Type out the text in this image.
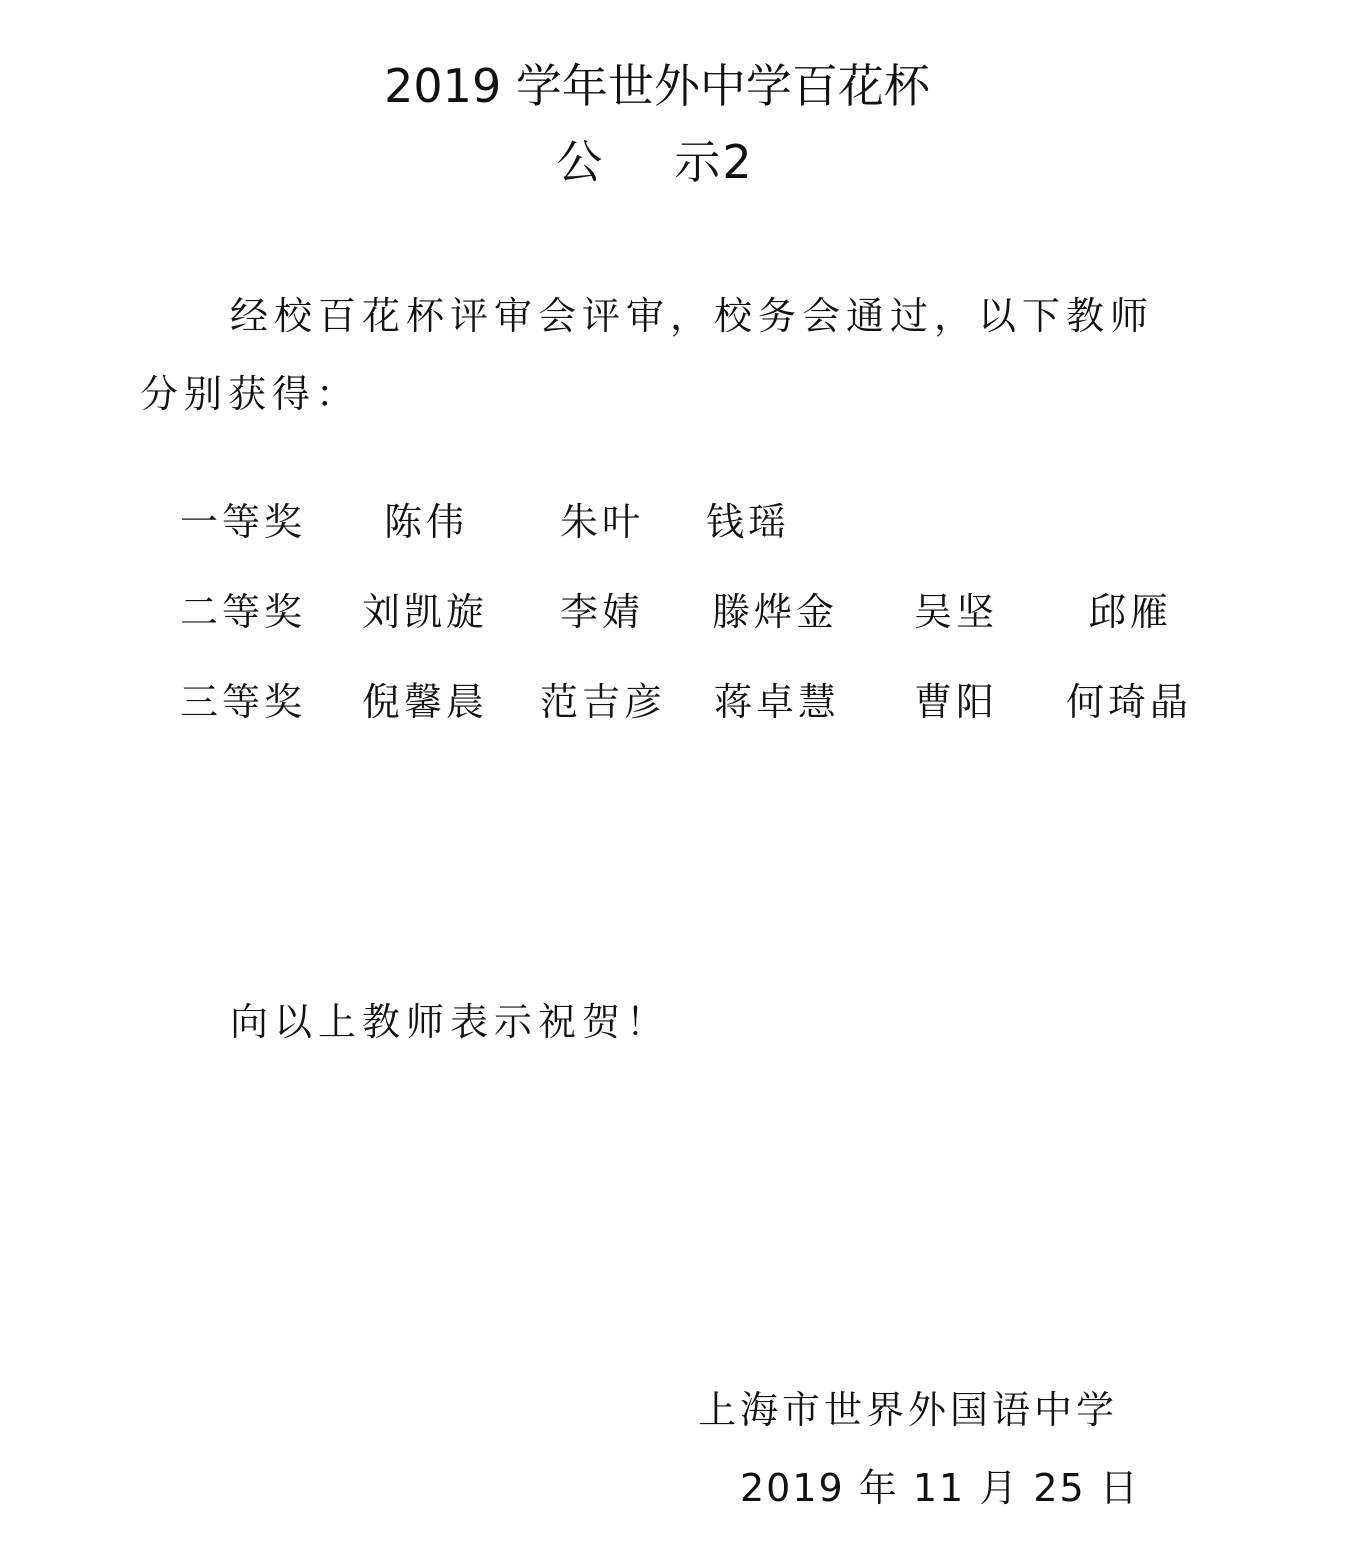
2019 学年世外中学百花杯
公 示2
经校百花杯评审会评审，校务会通过，以下教师
分别获得：
一等奖 陈伟 朱叶 钱瑶
二等奖 刘凯旋 李婧 滕烨金 吴坚 邱雁
三等奖 倪馨晨 范吉彦 蒋卓慧 曹阳 何琦晶
向以上教师表示祝贺！
上海市世界外国语中学
2019 年 11 月 25 日
